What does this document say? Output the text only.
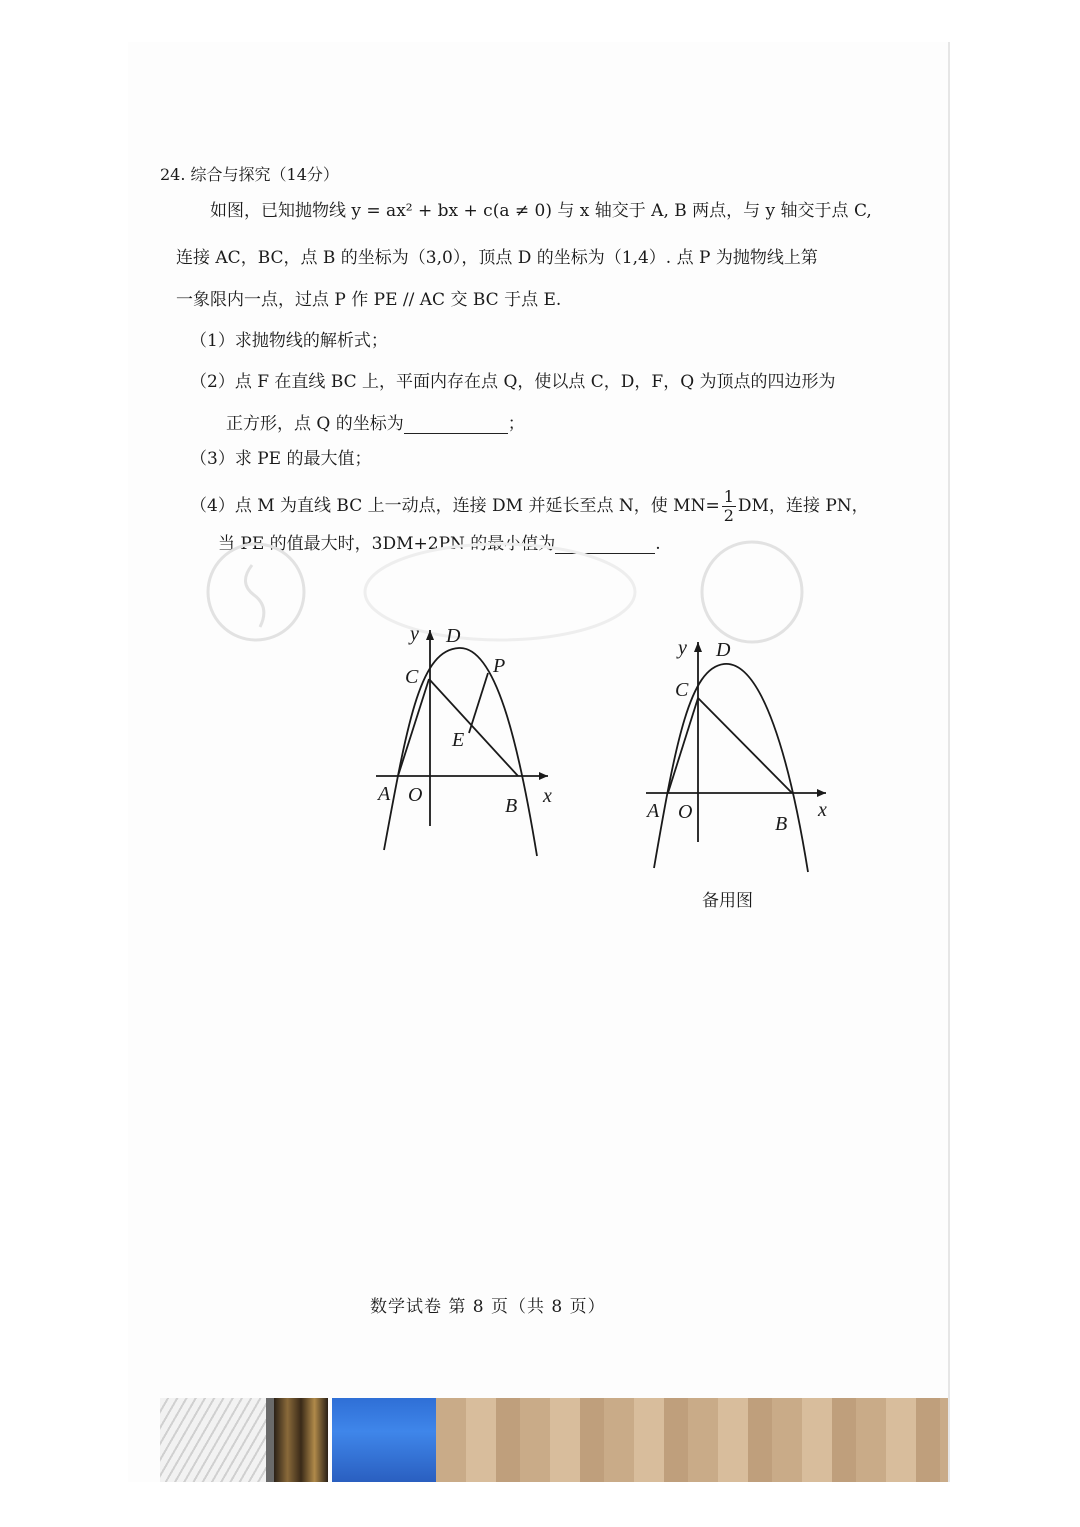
24. 综合与探究（14分）
如图，已知抛物线 y = ax² + bx + c(a ≠ 0) 与 x 轴交于 A, B 两点，与 y 轴交于点 C,
连接 AC，BC，点 B 的坐标为（3,0），顶点 D 的坐标为（1,4）. 点 P 为抛物线上第
一象限内一点，过点 P 作 PE // AC 交 BC 于点 E.
（1）求抛物线的解析式；
（2）点 F 在直线 BC 上，平面内存在点 Q，使以点 C，D，F，Q 为顶点的四边形为
正方形，点 Q 的坐标为	；
（3）求 PE 的最大值；
（4）点 M 为直线 BC 上一动点，连接 DM 并延长至点 N，使 $MN= \frac{1}{2}$ DM，连接 PN，
当 PE 的值最大时，3DM+2PN 的最小值为	.
y D
C	P
E
A O	B x
y D
C
A O
B
x
备用图
数学试卷 第 8 页（共 8 页）
